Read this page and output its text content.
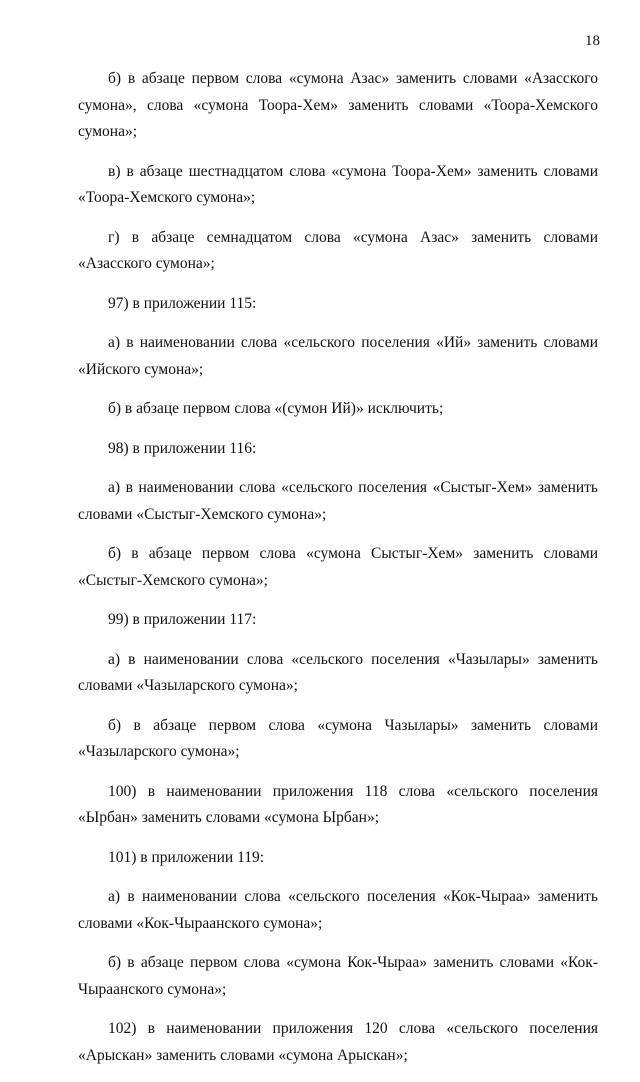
18

б) в абзаце первом слова «сумона Азас» заменить словами «Азасского сумона», слова «сумона Тоора-Хем» заменить словами «Тоора-Хемского сумона»;

в) в абзаце шестнадцатом слова «сумона Тоора-Хем» заменить словами «Тоора-Хемского сумона»;

г) в абзаце семнадцатом слова «сумона Азас» заменить словами «Азасского сумона»;

97) в приложении 115:

а) в наименовании слова «сельского поселения «Ий» заменить словами «Ийского сумона»;

б) в абзаце первом слова «(сумон Ий)» исключить;

98) в приложении 116:

а) в наименовании слова «сельского поселения «Сыстыг-Хем» заменить словами «Сыстыг-Хемского сумона»;

б) в абзаце первом слова «сумона Сыстыг-Хем» заменить словами «Сыстыг-Хемского сумона»;

99) в приложении 117:

а) в наименовании слова «сельского поселения «Чазылары» заменить словами «Чазыларского сумона»;

б) в абзаце первом слова «сумона Чазылары» заменить словами «Чазыларского сумона»;

100) в наименовании приложения 118 слова «сельского поселения «Ырбан» заменить словами «сумона Ырбан»;

101) в приложении 119:

а) в наименовании слова «сельского поселения «Кок-Чыраа» заменить словами «Кок-Чыраанского сумона»;

б) в абзаце первом слова «сумона Кок-Чыраа» заменить словами «Кок-Чыраанского сумона»;

102) в наименовании приложения 120 слова «сельского поселения «Арыскан» заменить словами «сумона Арыскан»;
